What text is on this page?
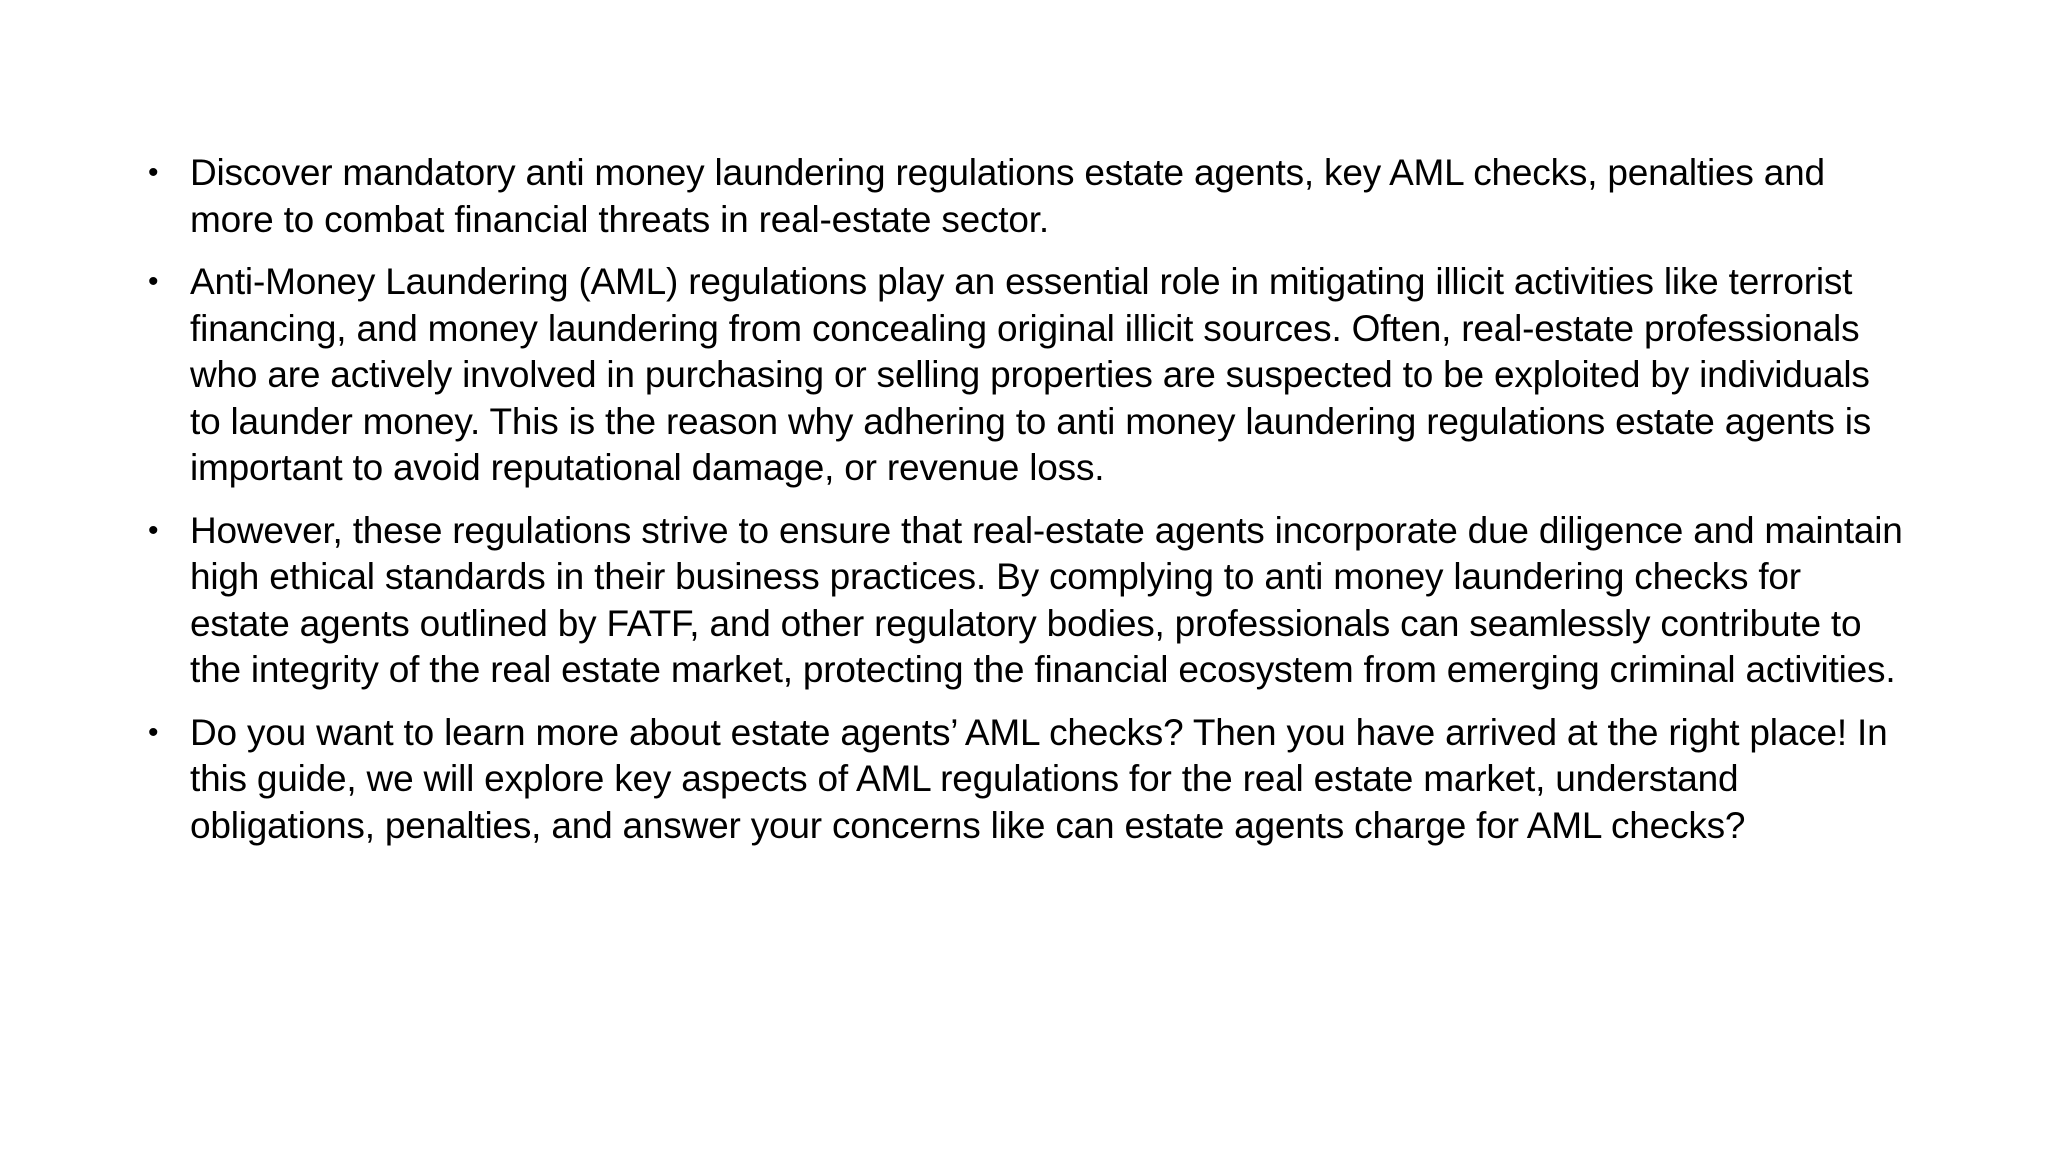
• Discover mandatory anti money laundering regulations estate agents, key AML checks, penalties and more to combat financial threats in real-estate sector.
• Anti-Money Laundering (AML) regulations play an essential role in mitigating illicit activities like terrorist financing, and money laundering from concealing original illicit sources. Often, real-estate professionals who are actively involved in purchasing or selling properties are suspected to be exploited by individuals to launder money. This is the reason why adhering to anti money laundering regulations estate agents is important to avoid reputational damage, or revenue loss.
• However, these regulations strive to ensure that real-estate agents incorporate due diligence and maintain high ethical standards in their business practices. By complying to anti money laundering checks for estate agents outlined by FATF, and other regulatory bodies, professionals can seamlessly contribute to the integrity of the real estate market, protecting the financial ecosystem from emerging criminal activities.
• Do you want to learn more about estate agents’ AML checks? Then you have arrived at the right place! In this guide, we will explore key aspects of AML regulations for the real estate market, understand obligations, penalties, and answer your concerns like can estate agents charge for AML checks?
